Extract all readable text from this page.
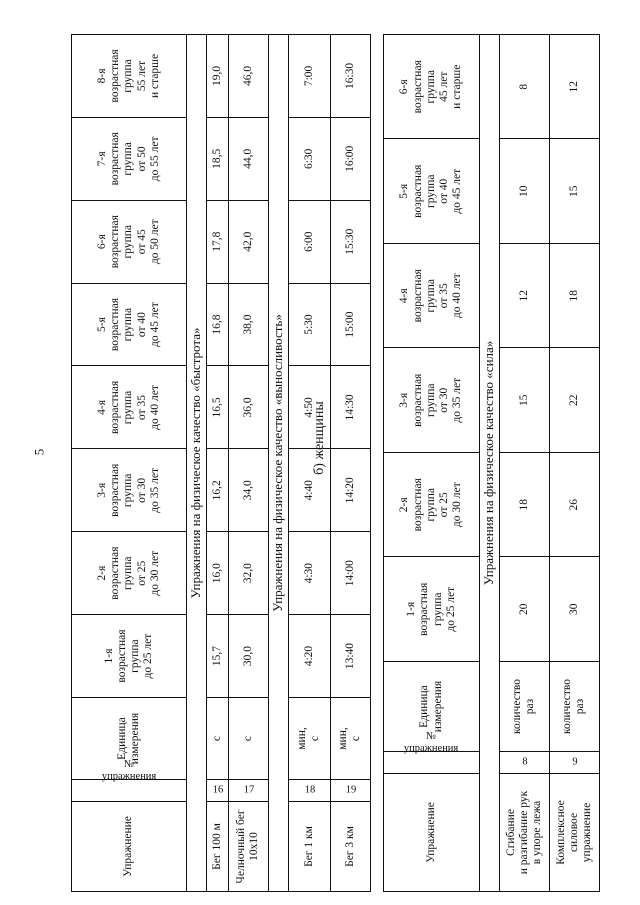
5	б) женщины
Упражнение	№ упражнения	Единица
измерения	1-я
возрастная
группа
до 25 лет	2-я
возрастная
группа
от 25
до 30 лет	3-я
возрастная
группа
от 30
до 35 лет	4-я
возрастная
группа
от 35
до 40 лет	5-я
возрастная
группа
от 40
до 45 лет	6-я
возрастная
группа
от 45
до 50 лет	7-я
возрастная
группа
от 50
до 55 лет	8-я
возрастная
группа
55 лет
и старше
Упражнения на физическое качество «быстрота»										
Бег 100 м	16	с	15,7	16,0	16,2	16,5	16,8	17,8	18,5	19,0
Челночный бег
10х10	17	с	30,0	32,0	34,0	36,0	38,0	42,0	44,0	46,0
Упражнения на физическое качество «выносливость»										
Бег 1 км	18	мин,
с	4:20	4:30	4:40	4:50	5:30	6:00	6:30	7:00
Бег 3 км	19	мин,
с	13:40	14:00	14:20	14:30	15:00	15:30	16:00	16:30
Упражнение	№ упражнения	Единица
измерения	1-я
возрастная
группа
до 25 лет	2-я
возрастная
группа
от 25
до 30 лет	3-я
возрастная
группа
от 30
до 35 лет	4-я
возрастная
группа
от 35
до 40 лет	5-я
возрастная
группа
от 40
до 45 лет	6-я
возрастная
группа
45 лет
и старше
Упражнения на физическое качество «сила»								
Сгибание
и разгибание рук
в упоре лежа	8	количество
раз	20	18	15	12	10	8
Комплексное
силовое
упражнение	9	количество
раз	30	26	22	18	15	12
